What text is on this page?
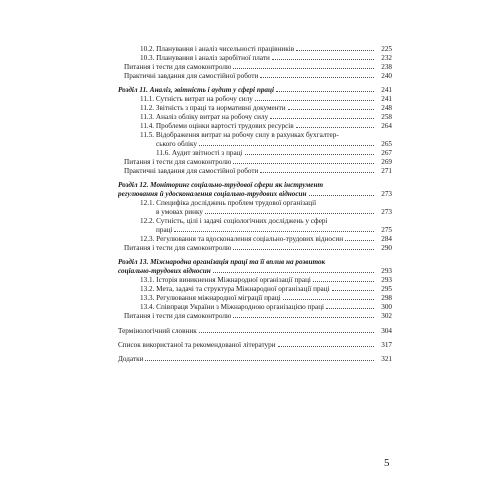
10.2. Планування і аналіз чисельності працівників	225
10.3. Планування і аналіз заробітної плати	232
Питання і тести для самоконтролю	238
Практичні завдання для самостійної роботи	240
Розділ 11. Аналіз, звітність і аудит у сфері праці	241
11.1. Сутність витрат на робочу силу	241
11.2. Звітність з праці та нормативні документи	248
11.3. Аналіз обліку витрат на робочу силу	258
11.4. Проблеми оцінки вартості трудових ресурсів	264
11.5. Відображення витрат на робочу силу в рахунках бухгалтер-
ського обліку	265
11.6. Аудит звітності з праці	267
Питання і тести для самоконтролю	269
Практичні завдання для самостійної роботи	271
Розділ 12. Моніторинг соціально-трудової сфери як інструмент
регулювання й удосконалення соціально-трудових відносин	273
12.1. Специфіка досліджень проблем трудової організації
в умовах ринку	273
12.2. Сутність, цілі і задачі соціологічних досліджень у сфері
праці	275
12.3. Регулювання та вдосконалення соціально-трудових відносин	284
Питання і тести для самоконтролю	290
Розділ 13. Міжнародна організація праці та її вплив на розвиток
соціально-трудових відносин	293
13.1. Історія виникнення Міжнародної організації праці	293
13.2. Мета, задачі та структура Міжнародної організації праці	295
13.3. Регулювання міжнародної міграції праці	298
13.4. Співпраця України з Міжнародною організацією праці	300
Питання і тести для самоконтролю	302
Термінологічний словник	304
Список використаної та рекомендованої літератури	317
Додатки	321
5
